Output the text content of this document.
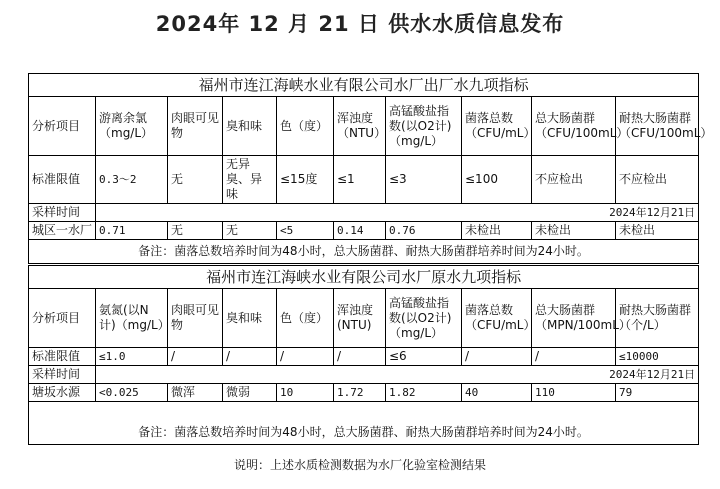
2024年 12 月 21 日 供水水质信息发布
福州市连江海峡水业有限公司水厂出厂水九项指标									
分析项目	游离余氯（mg/L）	肉眼可见物	臭和味	色（度）	浑浊度（NTU）	高锰酸盐指数(以O2计)（mg/L）	菌落总数（CFU/mL）	总大肠菌群（CFU/100mL）	耐热大肠菌群（CFU/100mL）
标准限值	0.3～2	无	无异臭、异味	≤15度	≤1	≤3	≤100	不应检出	不应检出
采样时间	2024年12月21日								
城区一水厂	0.71	无	无	<5	0.14	0.76	未检出	未检出	未检出
备注：菌落总数培养时间为48小时，总大肠菌群、耐热大肠菌群培养时间为24小时。									
福州市连江海峡水业有限公司水厂原水九项指标									
分析项目	氨氮(以N计)（mg/L）	肉眼可见物	臭和味	色（度）	浑浊度(NTU)	高锰酸盐指数(以O2计)（mg/L）	菌落总数（CFU/mL）	总大肠菌群（MPN/100mL）	耐热大肠菌群（个/L）
标准限值	≤1.0	/	/	/	/	≤6	/	/	≤10000
采样时间	2024年12月21日								
塘坂水源	<0.025	微浑	微弱	10	1.72	1.82	40	110	79

备注：菌落总数培养时间为48小时，总大肠菌群、耐热大肠菌群培养时间为24小时。									
说明：上述水质检测数据为水厂化验室检测结果
